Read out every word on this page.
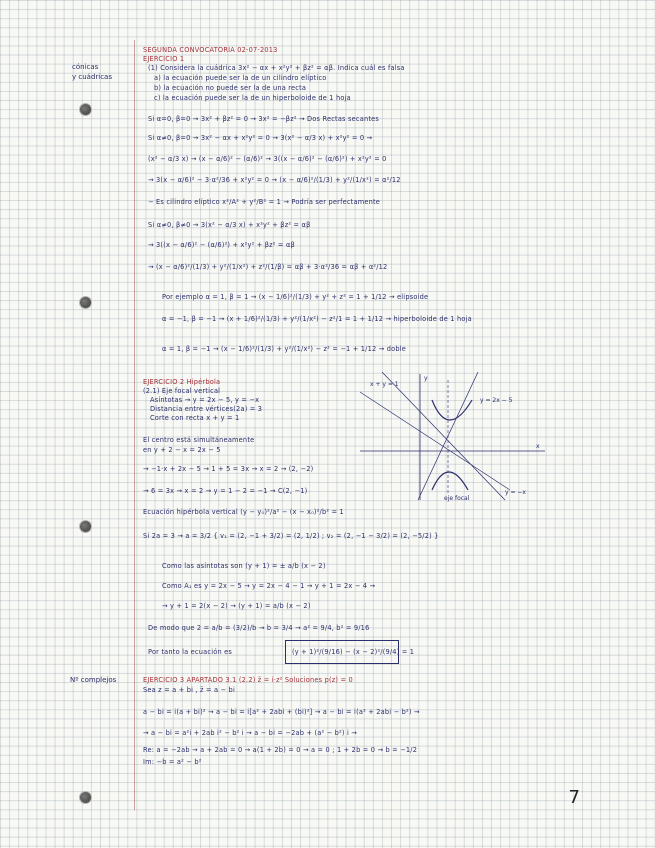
cónicas
y cuádricas
Nº complejos
SEGUNDA CONVOCATORIA 02-07-2013
EJERCICIO 1
(1) Considera la cuádrica 3x² − αx + x²y² + βz² = αβ. Indica cuál es falsa
a) la ecuación puede ser la de un cilindro elíptico
b) la ecuación no puede ser la de una recta
c) la ecuación puede ser la de un hiperboloide de 1 hoja
Si α=0, β=0 → 3x² + βz² = 0 → 3x² = −βz² → Dos Rectas secantes
Si α≠0, β=0 → 3x² − αx + x²y² = 0 → 3(x² − α/3 x) + x²y² = 0 →
(x² − α/3 x) → (x − α/6)² − (α/6)² → 3((x − α/6)² − (α/6)²) + x²y² = 0
→ 3(x − α/6)² − 3·α²/36 + x²y² = 0 → (x − α/6)²/(1/3) + y²/(1/x²) = α²/12
− Es cilindro elíptico x²/A² + y²/B² = 1 → Podría ser perfectamente
Si α≠0, β≠0 → 3(x² − α/3 x) + x²y² + βz² = αβ
→ 3((x − α/6)² − (α/6)²) + x²y² + βz² = αβ
→ (x − α/6)²/(1/3) + y²/(1/x²) + z²/(1/β) = αβ + 3·α²/36 = αβ + α²/12
Por ejemplo α = 1, β = 1 → (x − 1/6)²/(1/3) + y² + z² = 1 + 1/12 → elipsoide
α = −1, β = −1 → (x + 1/6)²/(1/3) + y²/(1/x²) − z²/1 = 1 + 1/12 → hiperboloide de 1 hoja
α = 1, β = −1 → (x − 1/6)²/(1/3) + y²/(1/x²) − z² = −1 + 1/12 → doble
EJERCICIO 2 Hipérbola
(2.1) Eje focal vertical
Asíntotas → y = 2x − 5, y = −x
Distancia entre vértices(2a) = 3
Corte con recta x + y = 1
El centro está simultáneamente
en y + 2 − x = 2x − 5
→ −1·x + 2x − 5 → 1 + 5 = 3x → x = 2 → (2, −2)
→ 6 = 3x → x = 2 → y = 1 − 2 = −1 → C(2, −1)
Ecuación hipérbola vertical (y − y₀)²/a² − (x − x₀)²/b² = 1
Si 2a = 3 → a = 3/2 { v₁ = (2, −1 + 3/2) = (2, 1/2) ; v₂ = (2, −1 − 3/2) = (2, −5/2) }
Como las asíntotas son (y + 1) = ± a/b (x − 2)
Como A₁ es y = 2x − 5 → y = 2x − 4 − 1 → y + 1 = 2x − 4 →
→ y + 1 = 2(x − 2) → (y + 1) = a/b (x − 2)
De modo que 2 = a/b = (3/2)/b → b = 3/4 → a² = 9/4, b² = 9/16
Por tanto la ecuación es	(y + 1)²/(9/16) − (x − 2)²/(9/4) = 1
EJERCICIO 3 APARTADO 3.1 (2.2) z̄ = i·z² Soluciones p(z) = 0
Sea z = a + bi , z̄ = a − bi
a − bi = i(a + bi)² → a − bi = i[a² + 2abi + (bi)²] → a − bi = i(a² + 2abi − b²) →
→ a − bi = a²i + 2ab i² − b² i → a − bi = −2ab + (a² − b²) i →
Re: a = −2ab → a + 2ab = 0 → a(1 + 2b) = 0 → a = 0 ; 1 + 2b = 0 → b = −1/2
Im: −b = a² − b²
y = 2x − 5
y = −x
x + y = 1
y
x
eje focal
7
